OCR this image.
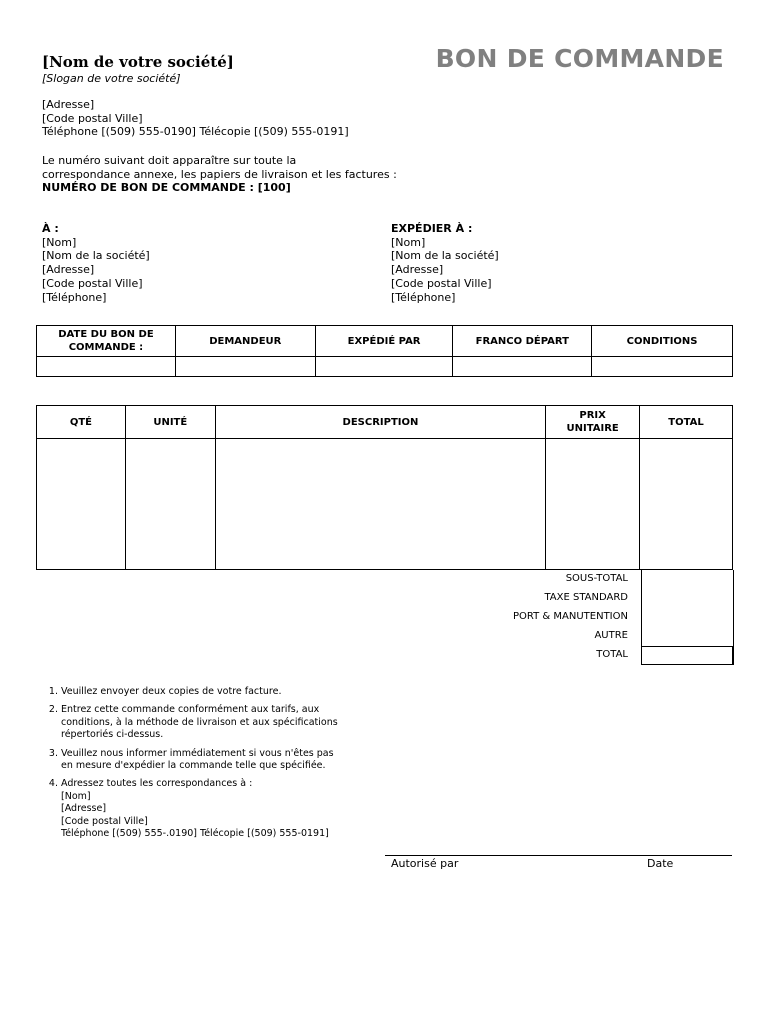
[Nom de votre société]
[Slogan de votre société]
BON DE COMMANDE
[Adresse]
[Code postal Ville]
Téléphone [(509) 555-0190] Télécopie [(509) 555-0191]
Le numéro suivant doit apparaître sur toute la
correspondance annexe, les papiers de livraison et les factures :
NUMÉRO DE BON DE COMMANDE : [100]
À :
[Nom]
[Nom de la société]
[Adresse]
[Code postal Ville]
[Téléphone]
EXPÉDIER À :
[Nom]
[Nom de la société]
[Adresse]
[Code postal Ville]
[Téléphone]
DATE DU BON DE COMMANDE :	DEMANDEUR	EXPÉDIÉ PAR	FRANCO DÉPART	CONDITIONS

QTÉ	UNITÉ	DESCRIPTION	PRIX UNITAIRE	TOTAL

SOUS-TOTAL
TAXE STANDARD
PORT & MANUTENTION
AUTRE
TOTAL
1. Veuillez envoyer deux copies de votre facture.
2. Entrez cette commande conformément aux tarifs, aux conditions, à la méthode de livraison et aux spécifications répertoriés ci-dessus.
3. Veuillez nous informer immédiatement si vous n'êtes pas en mesure d'expédier la commande telle que spécifiée.
4. Adressez toutes les correspondances à :
[Nom]
[Adresse]
[Code postal Ville]
Téléphone [(509) 555-.0190] Télécopie [(509) 555-0191]
Autorisé par	Date
